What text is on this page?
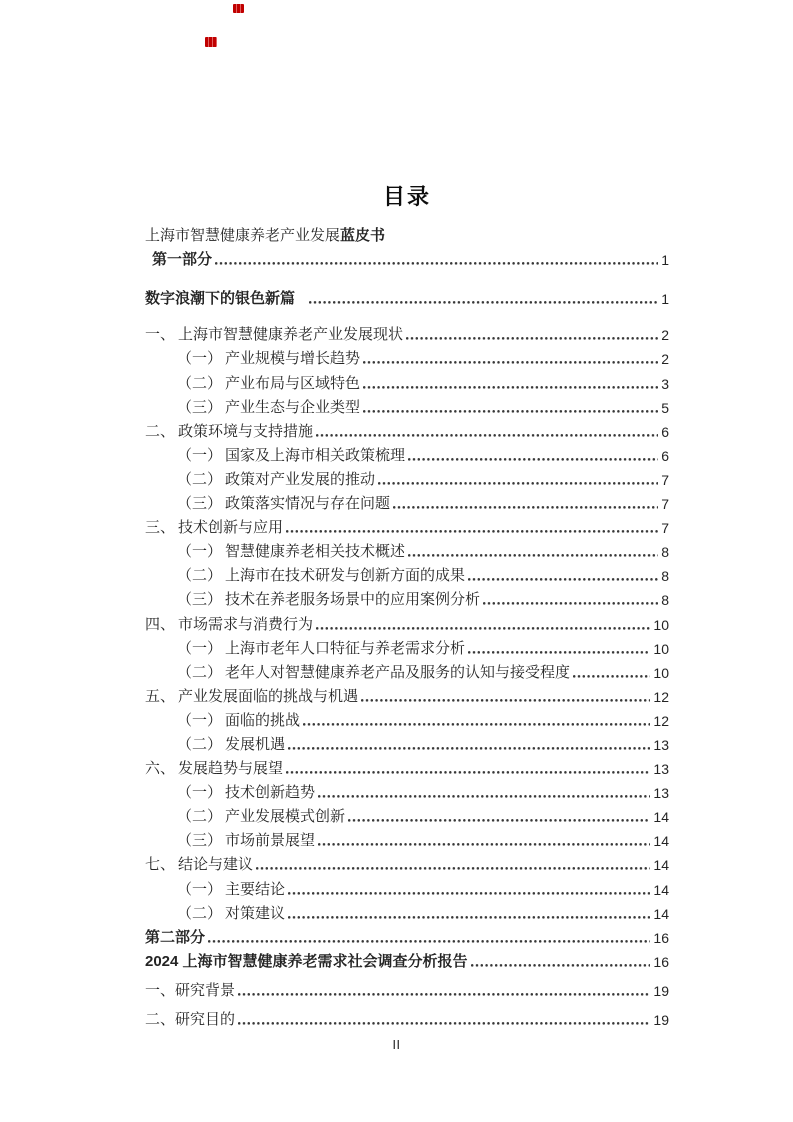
目录
上海市智慧健康养老产业发展 蓝皮书
第一部分	1
数字浪潮下的银色新篇	1
一、 上海市智慧健康养老产业发展现状	2
（一） 产业规模与增长趋势	2
（二） 产业布局与区域特色	3
（三） 产业生态与企业类型	5
二、 政策环境与支持措施	6
（一） 国家及上海市相关政策梳理	6
（二） 政策对产业发展的推动	7
（三） 政策落实情况与存在问题	7
三、 技术创新与应用	7
（一） 智慧健康养老相关技术概述	8
（二） 上海市在技术研发与创新方面的成果	8
（三） 技术在养老服务场景中的应用案例分析	8
四、 市场需求与消费行为	10
（一） 上海市老年人口特征与养老需求分析	10
（二） 老年人对智慧健康养老产品及服务的认知与接受程度	10
五、 产业发展面临的挑战与机遇	12
（一） 面临的挑战	12
（二） 发展机遇	13
六、 发展趋势与展望	13
（一） 技术创新趋势	13
（二） 产业发展模式创新	14
（三） 市场前景展望	14
七、 结论与建议	14
（一） 主要结论	14
（二） 对策建议	14
第二部分	16
2024 上海市智慧健康养老需求社会调查分析报告	16
一、研究背景	19
二、研究目的	19
II
